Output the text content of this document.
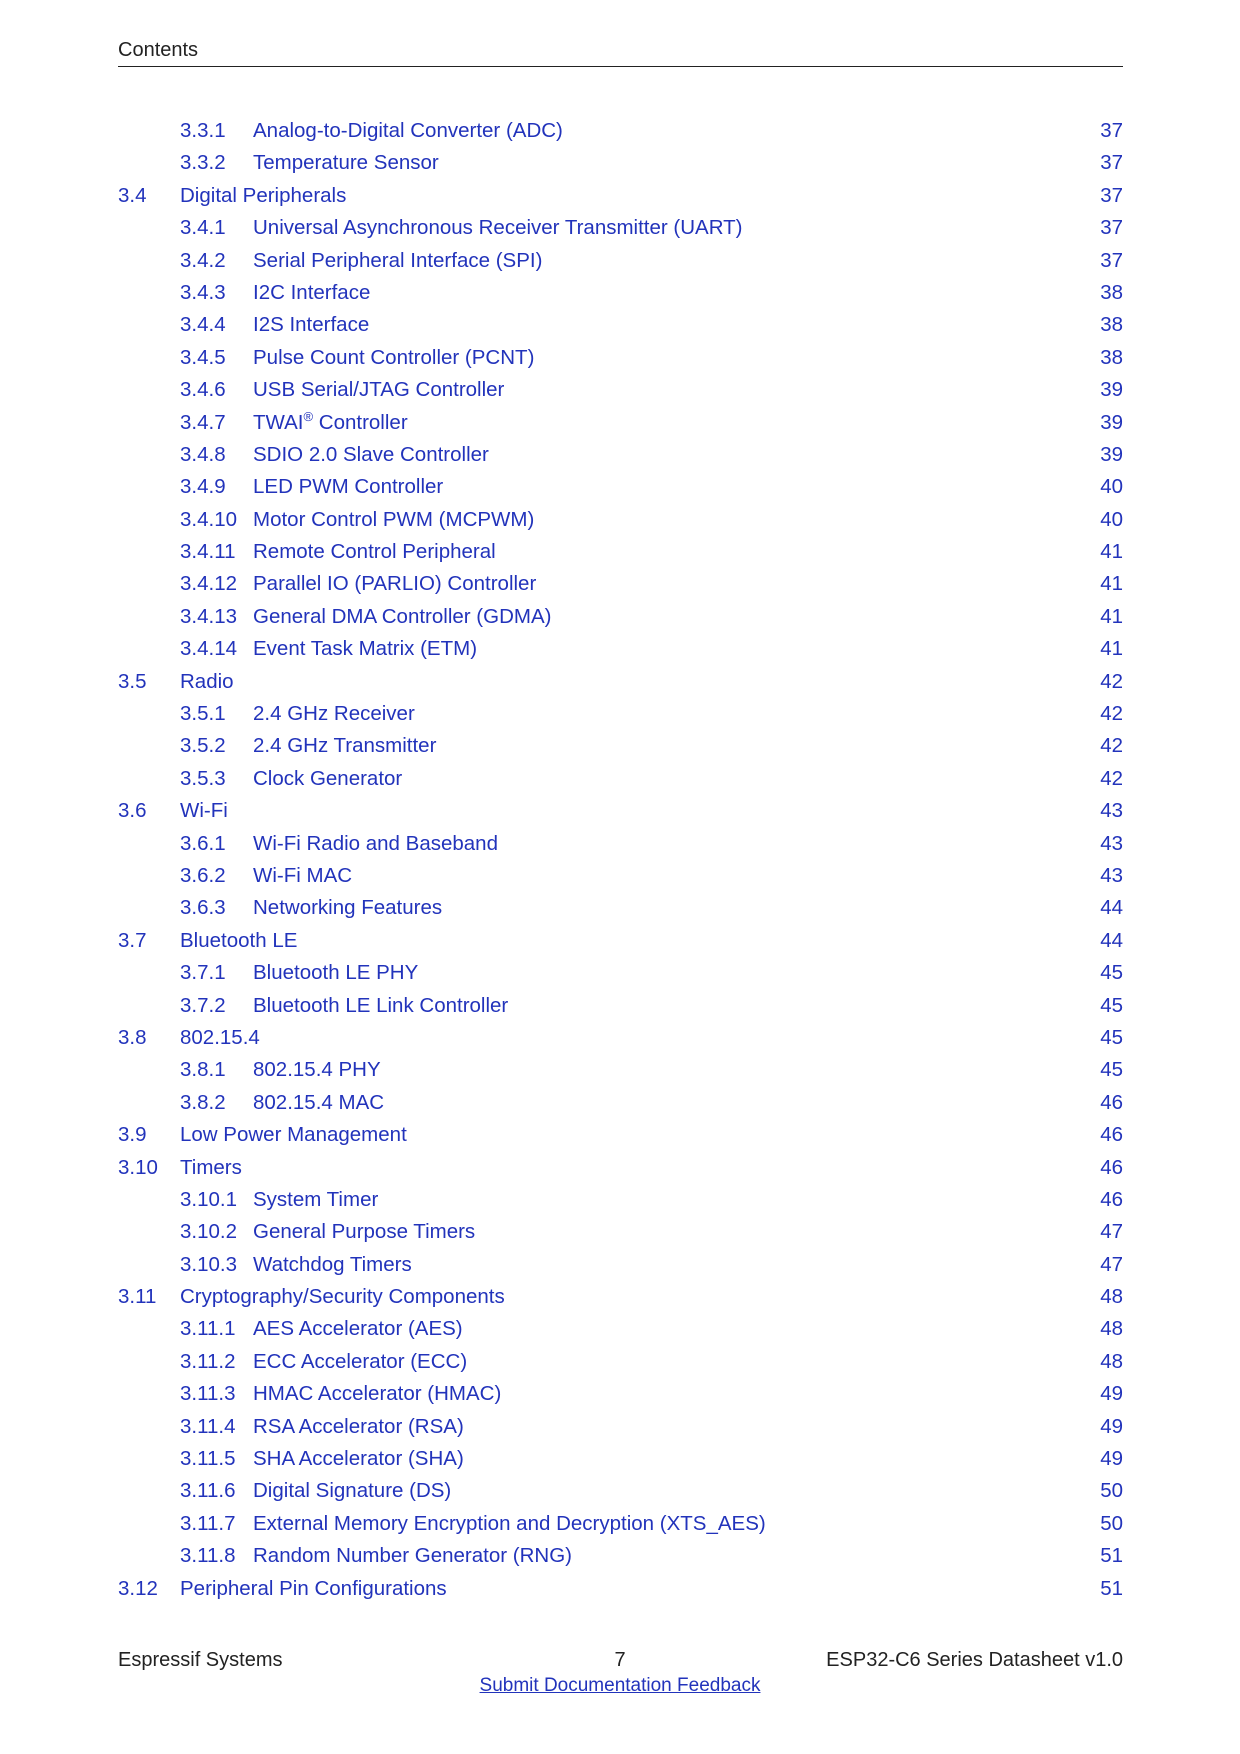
Contents
3.3.1 Analog-to-Digital Converter (ADC)	37
3.3.2 Temperature Sensor	37
3.4 Digital Peripherals	37
3.4.1 Universal Asynchronous Receiver Transmitter (UART)	37
3.4.2 Serial Peripheral Interface (SPI)	37
3.4.3 I2C Interface	38
3.4.4 I2S Interface	38
3.4.5 Pulse Count Controller (PCNT)	38
3.4.6 USB Serial/JTAG Controller	39
3.4.7 TWAI® Controller	39
3.4.8 SDIO 2.0 Slave Controller	39
3.4.9 LED PWM Controller	40
3.4.10 Motor Control PWM (MCPWM)	40
3.4.11 Remote Control Peripheral	41
3.4.12 Parallel IO (PARLIO) Controller	41
3.4.13 General DMA Controller (GDMA)	41
3.4.14 Event Task Matrix (ETM)	41
3.5 Radio	42
3.5.1 2.4 GHz Receiver	42
3.5.2 2.4 GHz Transmitter	42
3.5.3 Clock Generator	42
3.6 Wi-Fi	43
3.6.1 Wi-Fi Radio and Baseband	43
3.6.2 Wi-Fi MAC	43
3.6.3 Networking Features	44
3.7 Bluetooth LE	44
3.7.1 Bluetooth LE PHY	45
3.7.2 Bluetooth LE Link Controller	45
3.8 802.15.4	45
3.8.1 802.15.4 PHY	45
3.8.2 802.15.4 MAC	46
3.9 Low Power Management	46
3.10 Timers	46
3.10.1 System Timer	46
3.10.2 General Purpose Timers	47
3.10.3 Watchdog Timers	47
3.11 Cryptography/Security Components	48
3.11.1 AES Accelerator (AES)	48
3.11.2 ECC Accelerator (ECC)	48
3.11.3 HMAC Accelerator (HMAC)	49
3.11.4 RSA Accelerator (RSA)	49
3.11.5 SHA Accelerator (SHA)	49
3.11.6 Digital Signature (DS)	50
3.11.7 External Memory Encryption and Decryption (XTS_AES)	50
3.11.8 Random Number Generator (RNG)	51
3.12 Peripheral Pin Configurations	51
Espressif Systems	7	ESP32-C6 Series Datasheet v1.0
Submit Documentation Feedback
